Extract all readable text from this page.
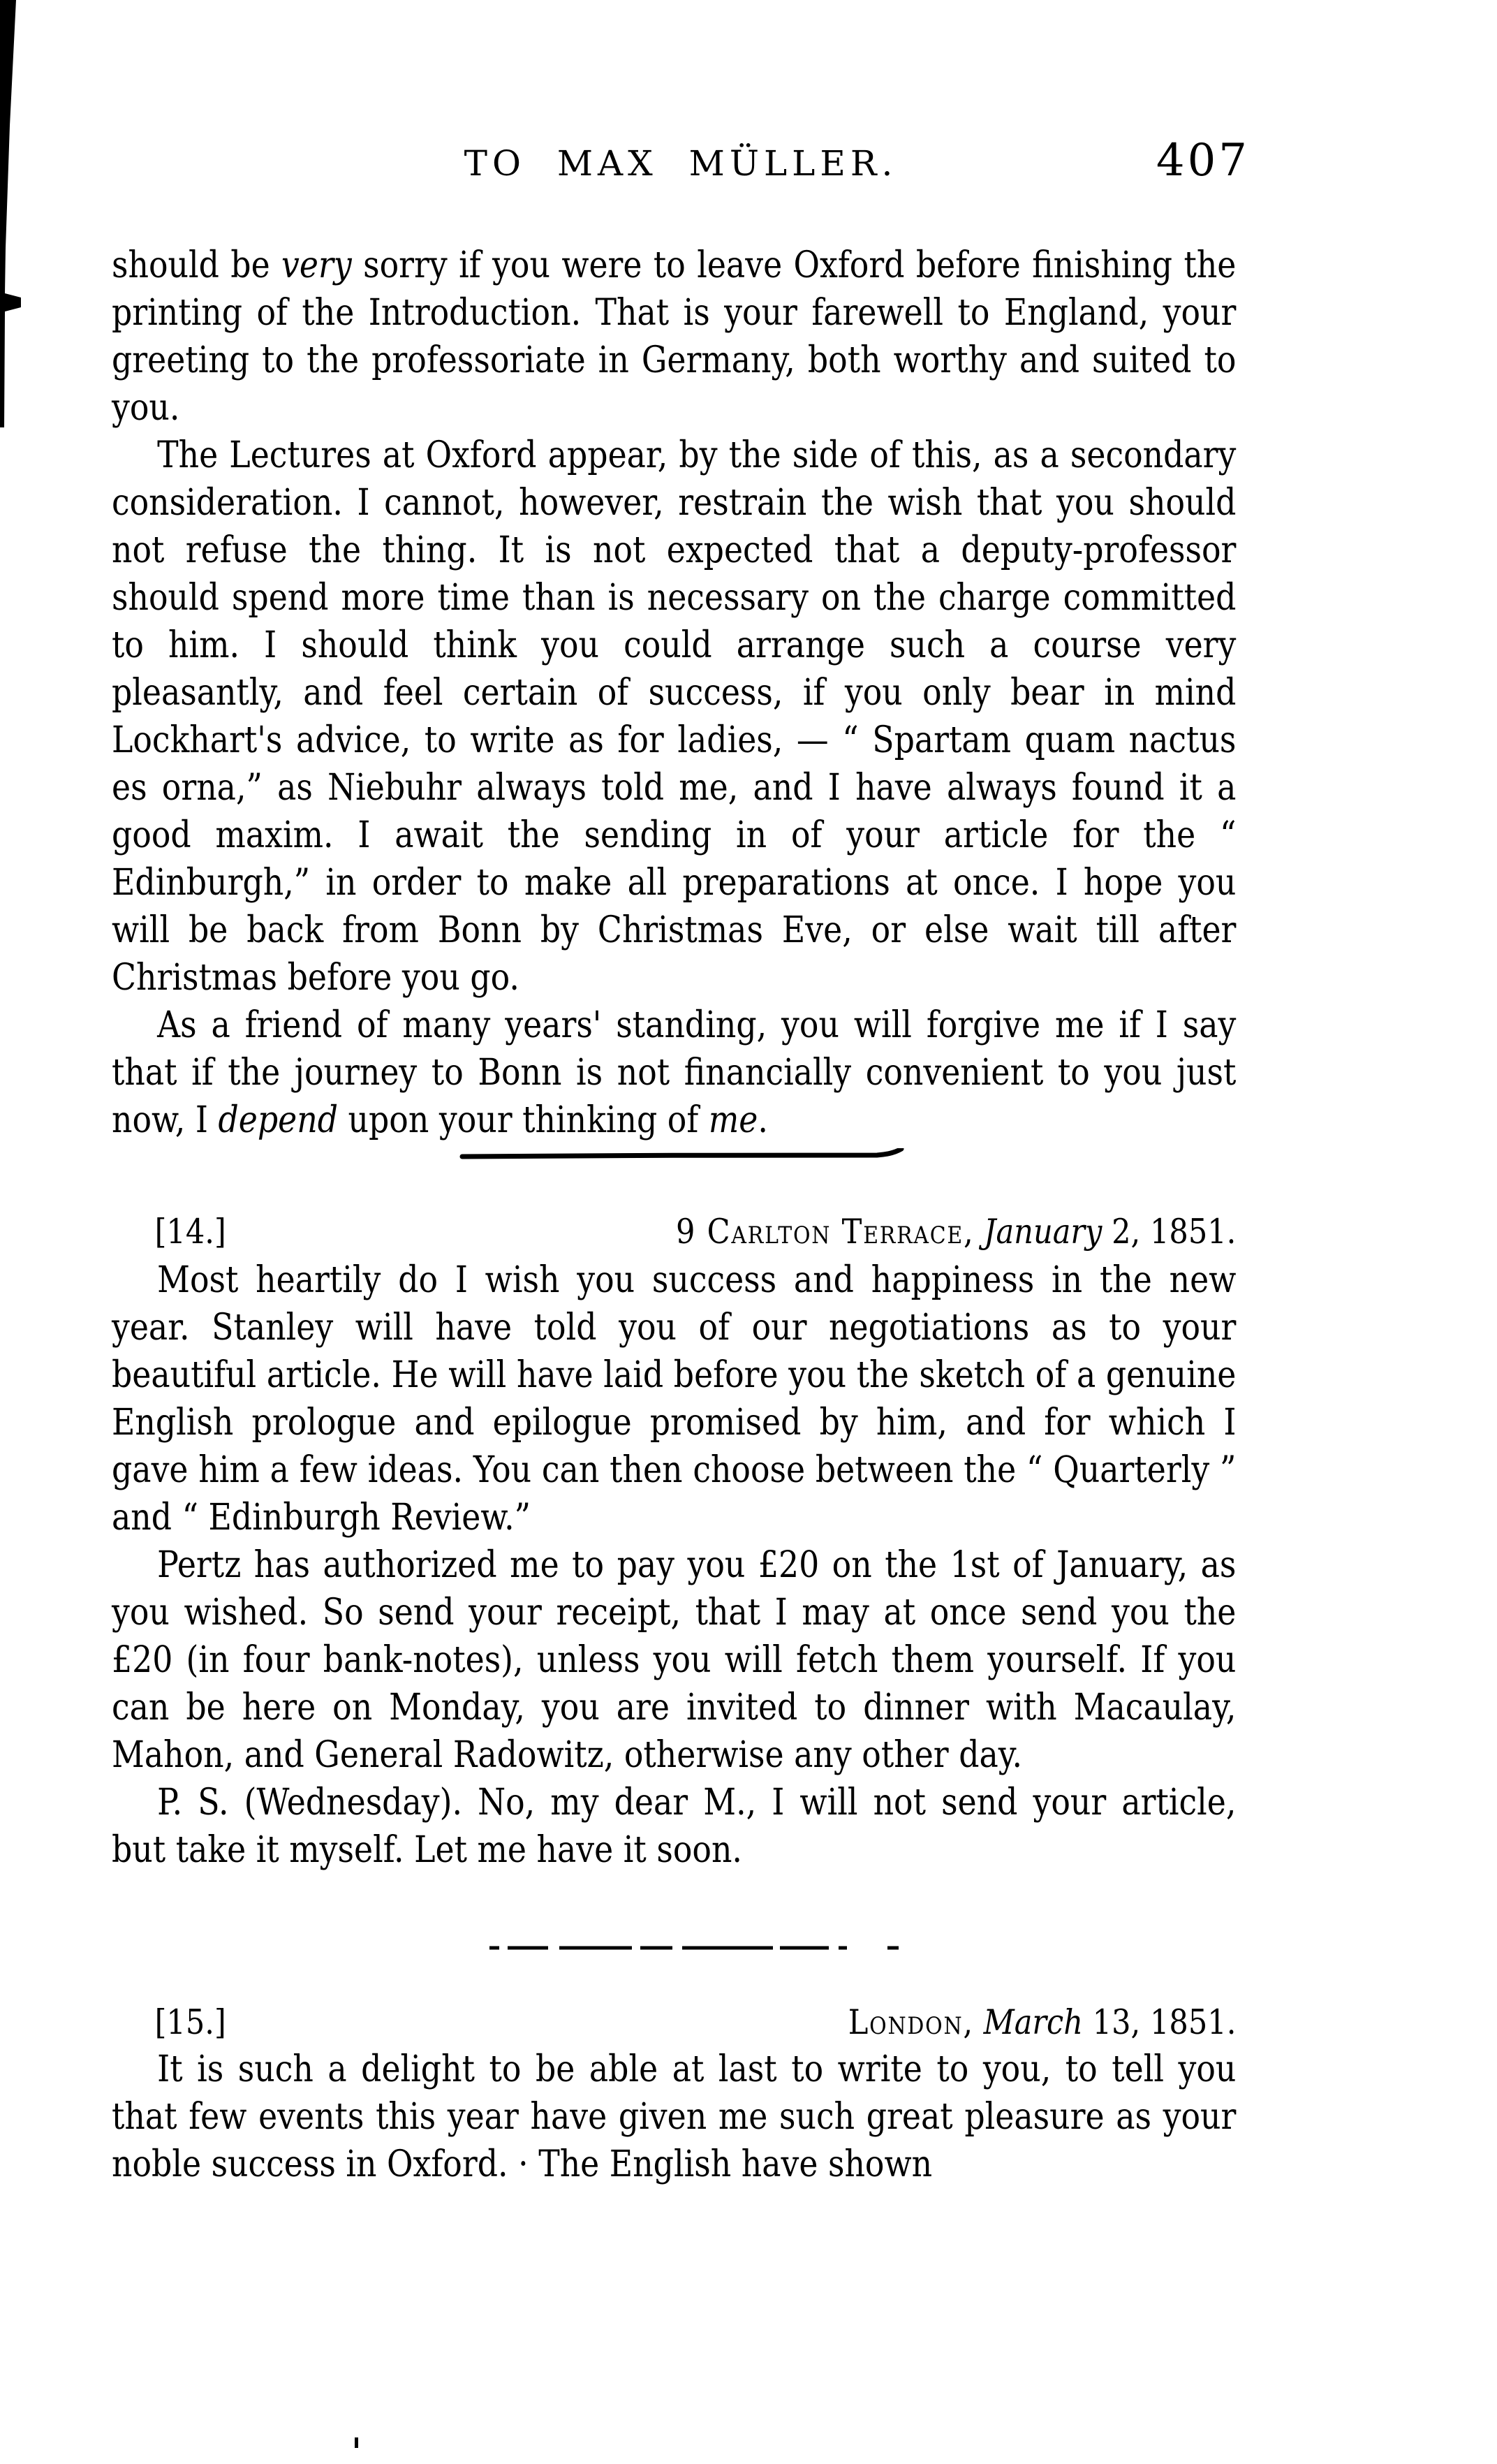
TO MAX MÜLLER.	407

should be very sorry if you were to leave Oxford before finishing the printing of the Introduction. That is your farewell to England, your greeting to the professoriate in Germany, both worthy and suited to you.

The Lectures at Oxford appear, by the side of this, as a secondary consideration. I cannot, however, restrain the wish that you should not refuse the thing. It is not expected that a deputy-professor should spend more time than is necessary on the charge committed to him. I should think you could arrange such a course very pleasantly, and feel certain of success, if you only bear in mind Lockhart's advice, to write as for ladies, — “ Spartam quam nactus es orna,” as Niebuhr always told me, and I have always found it a good maxim. I await the sending in of your article for the “ Edinburgh,” in order to make all preparations at once. I hope you will be back from Bonn by Christmas Eve, or else wait till after Christmas before you go.

As a friend of many years' standing, you will forgive me if I say that if the journey to Bonn is not financially convenient to you just now, I depend upon your thinking of me.

[14.]	9 Carlton Terrace, January 2, 1851.

Most heartily do I wish you success and happiness in the new year. Stanley will have told you of our negotiations as to your beautiful article. He will have laid before you the sketch of a genuine English prologue and epilogue promised by him, and for which I gave him a few ideas. You can then choose between the “ Quarterly ” and “ Edinburgh Review.”

Pertz has authorized me to pay you £20 on the 1st of January, as you wished. So send your receipt, that I may at once send you the £20 (in four bank-notes), unless you will fetch them yourself. If you can be here on Monday, you are invited to dinner with Macaulay, Mahon, and General Radowitz, otherwise any other day.

P. S. (Wednesday). No, my dear M., I will not send your article, but take it myself. Let me have it soon.

[15.]	London, March 13, 1851.

It is such a delight to be able at last to write to you, to tell you that few events this year have given me such great pleasure as your noble success in Oxford. · The English have shown
